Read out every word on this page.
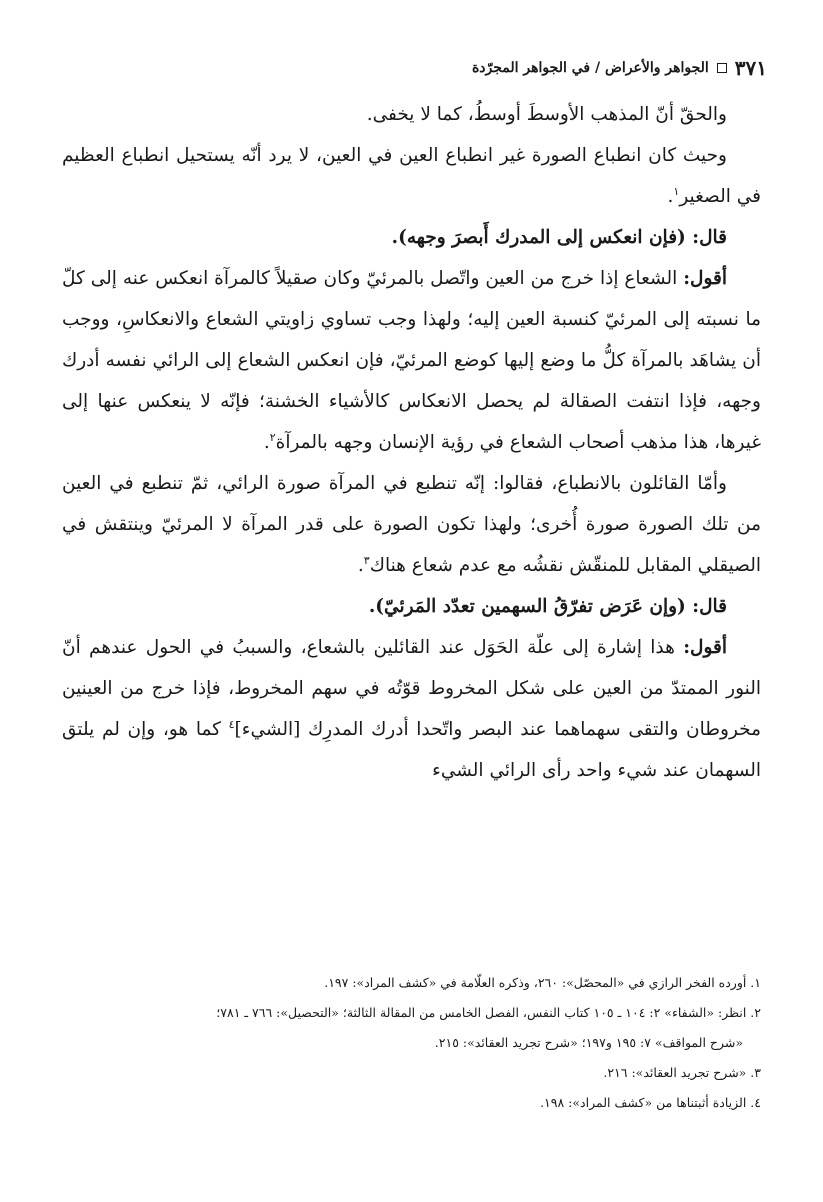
٣٧١
الجواهر والأعراض / في الجواهر المجرّدة

والحقّ أنّ المذهب الأوسطَ أوسطُ، كما لا يخفى.

وحيث كان انطباع الصورة غير انطباع العين في العين، لا يرد أنّه يستحيل انطباع العظيم في الصغير$^١$.

قال: (فإن انعكس إلى المدرك أَبصرَ وجهه).

أقول: الشعاع إذا خرج من العين واتّصل بالمرئيّ وكان صقيلاً كالمرآة انعكس عنه إلى كلّ ما نسبته إلى المرئيّ كنسبة العين إليه؛ ولهذا وجب تساوي زاويتي الشعاع والانعكاسِ، ووجب أن يشاهَد بالمرآة كلُّ ما وضع إليها كوضع المرئيّ، فإن انعكس الشعاع إلى الرائي نفسه أدرك وجهه، فإذا انتفت الصقالة لم يحصل الانعكاس كالأشياء الخشنة؛ فإنّه لا ينعكس عنها إلى غيرها، هذا مذهب أصحاب الشعاع في رؤية الإنسان وجهه بالمرآة$^٢$.

وأمّا القائلون بالانطباع، فقالوا: إنّه تنطبع في المرآة صورة الرائي، ثمّ تنطبع في العين من تلك الصورة صورة أُخرى؛ ولهذا تكون الصورة على قدر المرآة لا المرئيّ وينتقش في الصيقلي المقابل للمنقّش نقشُه مع عدم شعاع هناك$^٣$.

قال: (وإن عَرَض تفرّقُ السهمين تعدّد المَرئيّ).

أقول: هذا إشارة إلى علّة الحَوَل عند القائلين بالشعاع، والسببُ في الحول عندهم أنّ النور الممتدّ من العين على شكل المخروط قوّتُه في سهم المخروط، فإذا خرج من العينين مخروطان والتقى سهماهما عند البصر واتّحدا أدرك المدرِك [الشيء]$^٤$ كما هو، وإن لم يلتق السهمان عند شيء واحد رأى الرائي الشيء

١. أورده الفخر الرازي في «المحصّل»: ٢٦٠، وذكره العلّامة في «كشف المراد»: ١٩٧.

٢. انظر: «الشفاء» ٢: ١٠٤ ـ ١٠٥ كتاب النفس، الفصل الخامس من المقالة الثالثة؛ «التحصيل»: ٧٦٦ ـ ٧٨١؛

«شرح المواقف» ٧: ١٩٥ و١٩٧؛ «شرح تجريد العقائد»: ٢١٥.

٣. «شرح تجريد العقائد»: ٢١٦.

٤. الزيادة أثبتناها من «كشف المراد»: ١٩٨.
